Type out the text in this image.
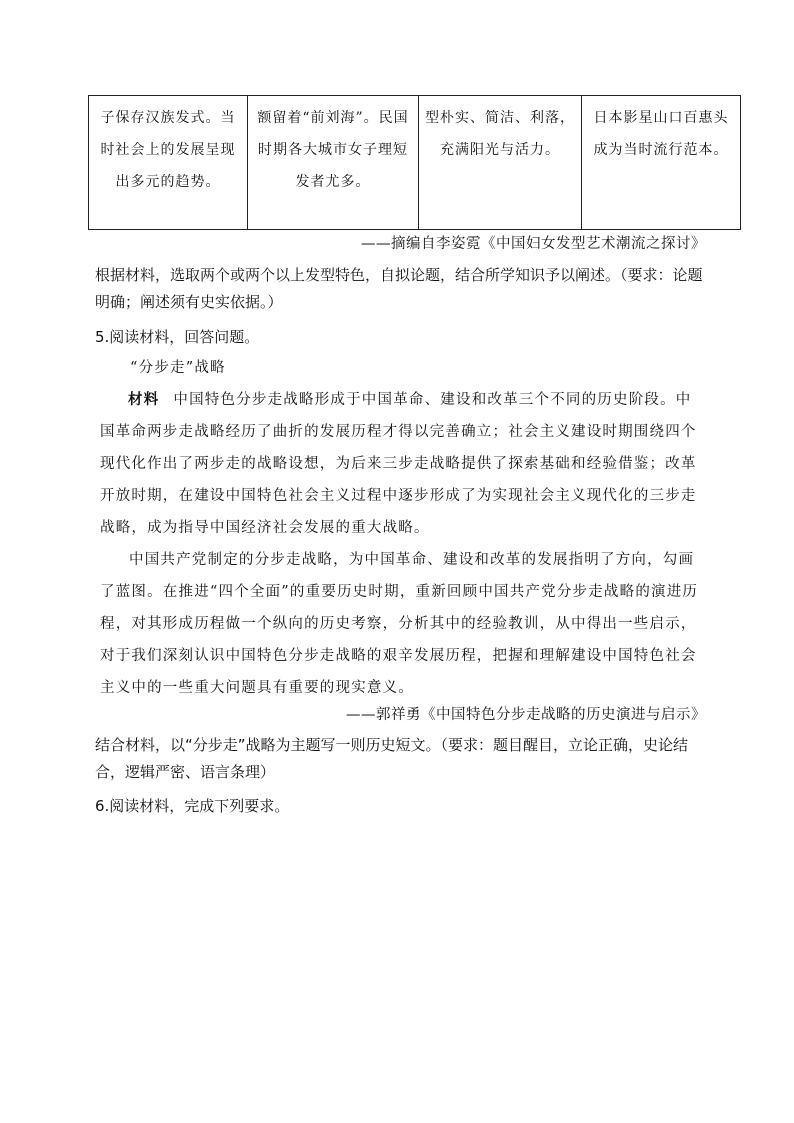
子保存汉族发式。当时社会上的发展呈现出多元的趋势。	额留着“前刘海”。民国时期各大城市女子理短发者尤多。	型朴实、简洁、利落，充满阳光与活力。	日本影星山口百惠头成为当时流行范本。
——摘编自李姿霓《中国妇女发型艺术潮流之探讨》
根据材料，选取两个或两个以上发型特色，自拟论题，结合所学知识予以阐述。（要求：论题明确；阐述须有史实依据。）
5.阅读材料，回答问题。
“分步走”战略
材料 中国特色分步走战略形成于中国革命、建设和改革三个不同的历史阶段。中国革命两步走战略经历了曲折的发展历程才得以完善确立；社会主义建设时期围绕四个现代化作出了两步走的战略设想，为后来三步走战略提供了探索基础和经验借鉴；改革开放时期，在建设中国特色社会主义过程中逐步形成了为实现社会主义现代化的三步走战略，成为指导中国经济社会发展的重大战略。
中国共产党制定的分步走战略，为中国革命、建设和改革的发展指明了方向，勾画了蓝图。在推进“四个全面”的重要历史时期，重新回顾中国共产党分步走战略的演进历程，对其形成历程做一个纵向的历史考察，分析其中的经验教训，从中得出一些启示，对于我们深刻认识中国特色分步走战略的艰辛发展历程，把握和理解建设中国特色社会主义中的一些重大问题具有重要的现实意义。
——郭祥勇《中国特色分步走战略的历史演进与启示》
结合材料，以“分步走”战略为主题写一则历史短文。（要求：题目醒目，立论正确，史论结合，逻辑严密、语言条理）
6.阅读材料，完成下列要求。
